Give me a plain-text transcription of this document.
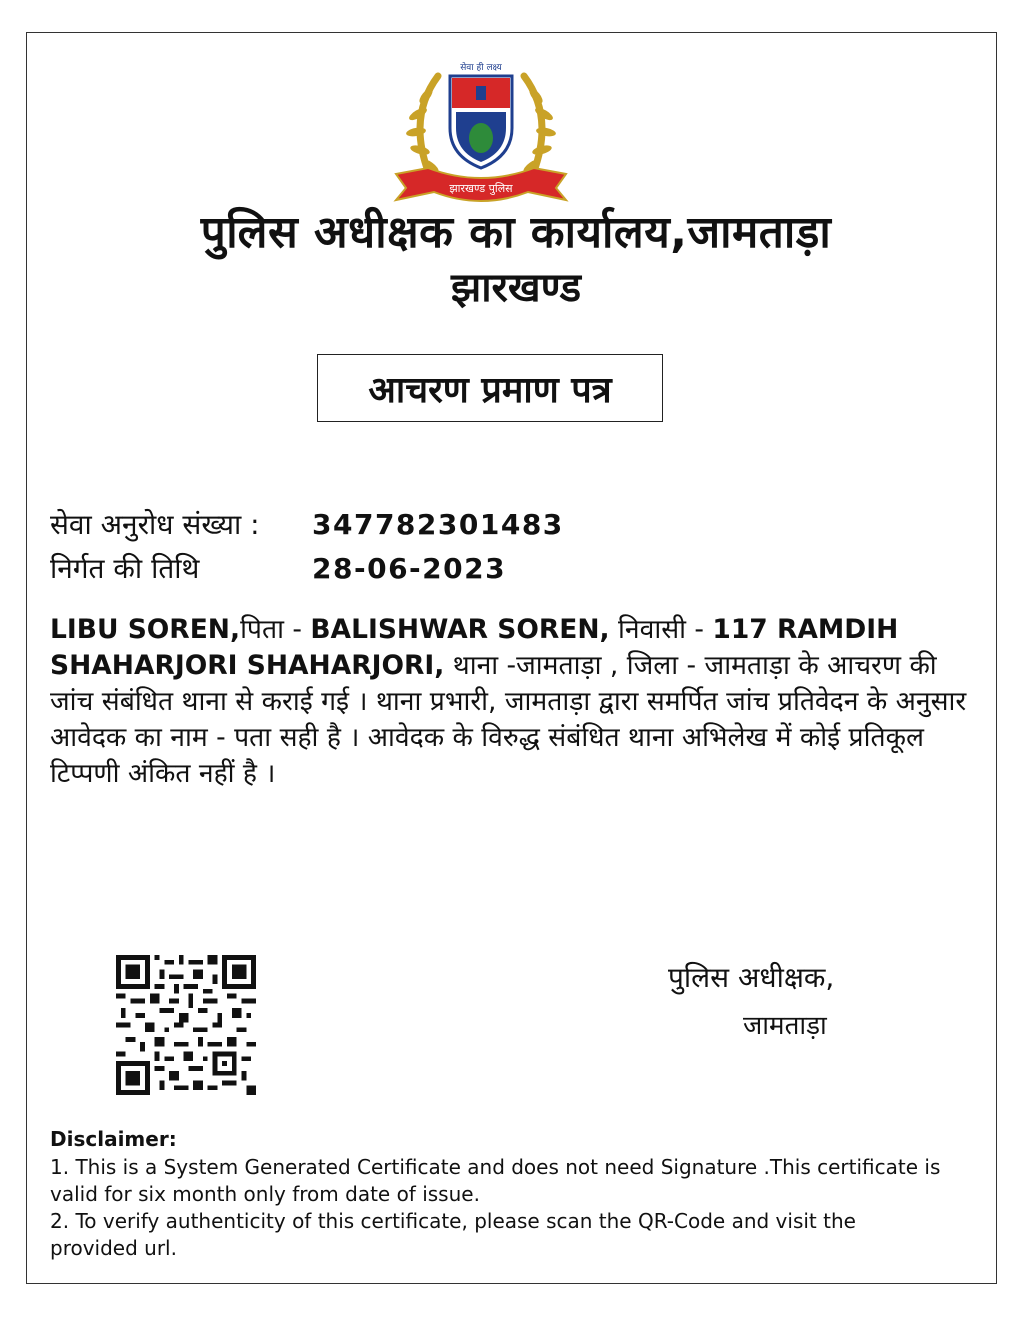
सेवा ही लक्ष्य
झारखण्ड पुलिस
पुलिस अधीक्षक का कार्यालय,जामताड़ा
झारखण्ड
आचरण प्रमाण पत्र
सेवा अनुरोध संख्या : 347782301483
निर्गत की तिथि	28-06-2023
LIBU SOREN,पिता - BALISHWAR SOREN, निवासी - 117 RAMDIH SHAHARJORI SHAHARJORI, थाना -जामताड़ा , जिला - जामताड़ा के आचरण की जांच संबंधित थाना से कराई गई । थाना प्रभारी, जामताड़ा द्वारा समर्पित जांच प्रतिवेदन के अनुसार आवेदक का नाम - पता सही है । आवेदक के विरुद्ध संबंधित थाना अभिलेख में कोई प्रतिकूल टिप्पणी अंकित नहीं है ।
पुलिस अधीक्षक,
जामताड़ा
Disclaimer:
1. This is a System Generated Certificate and does not need Signature .This certificate is valid for six month only from date of issue.
2. To verify authenticity of this certificate, please scan the QR-Code and visit the provided url.
